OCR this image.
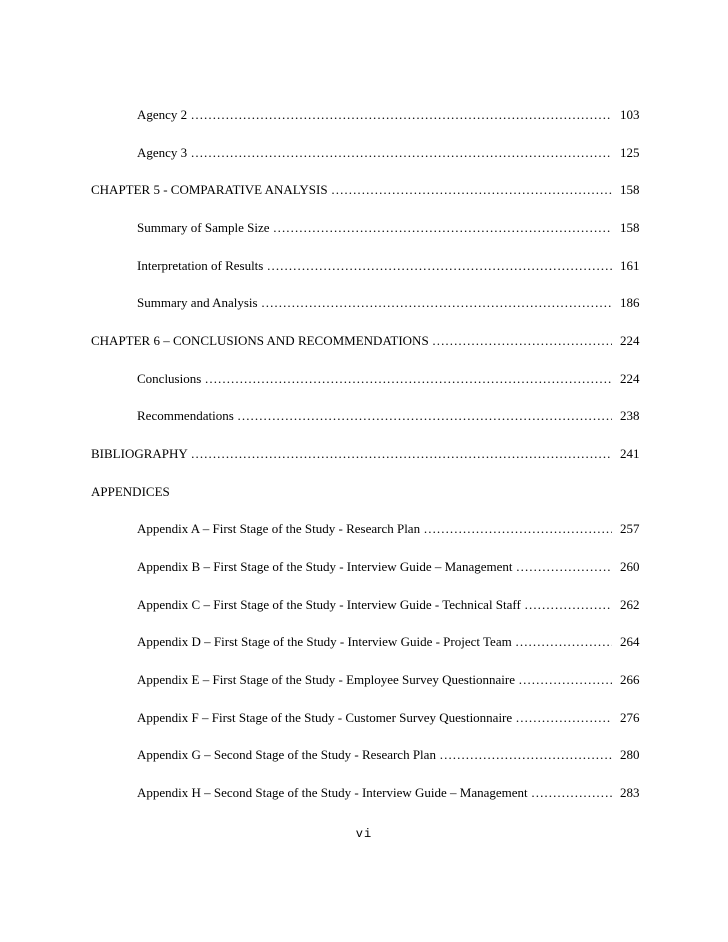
Agency 2 ……………………………………………………………………………………………………………………………………………………………………………………………………	103
Agency 3 ……………………………………………………………………………………………………………………………………………………………………………………………………	125
CHAPTER 5 - COMPARATIVE ANALYSIS ……………………………………………………………………………………………………………………………………………………………………………………………………	158
Summary of Sample Size ……………………………………………………………………………………………………………………………………………………………………………………………………	158
Interpretation of Results ……………………………………………………………………………………………………………………………………………………………………………………………………	161
Summary and Analysis ……………………………………………………………………………………………………………………………………………………………………………………………………	186
CHAPTER 6 – CONCLUSIONS AND RECOMMENDATIONS ……………………………………………………………………………………………………………………………………………………………………………………………………	224
Conclusions ……………………………………………………………………………………………………………………………………………………………………………………………………	224
Recommendations ……………………………………………………………………………………………………………………………………………………………………………………………………	238
BIBLIOGRAPHY ……………………………………………………………………………………………………………………………………………………………………………………………………	241
APPENDICES
Appendix A – First Stage of the Study - Research Plan ……………………………………………………………………………………………………………………………………………………………………………………………………	257
Appendix B – First Stage of the Study - Interview Guide – Management ……………………………………………………………………………………………………………………………………………………………………………………………………	260
Appendix C – First Stage of the Study - Interview Guide - Technical Staff ……………………………………………………………………………………………………………………………………………………………………………………………………	262
Appendix D – First Stage of the Study - Interview Guide - Project Team ……………………………………………………………………………………………………………………………………………………………………………………………………	264
Appendix E – First Stage of the Study - Employee Survey Questionnaire ……………………………………………………………………………………………………………………………………………………………………………………………………	266
Appendix F – First Stage of the Study - Customer Survey Questionnaire ……………………………………………………………………………………………………………………………………………………………………………………………………	276
Appendix G – Second Stage of the Study - Research Plan ……………………………………………………………………………………………………………………………………………………………………………………………………	280
Appendix H – Second Stage of the Study - Interview Guide – Management ……………………………………………………………………………………………………………………………………………………………………………………………………	283
vi
